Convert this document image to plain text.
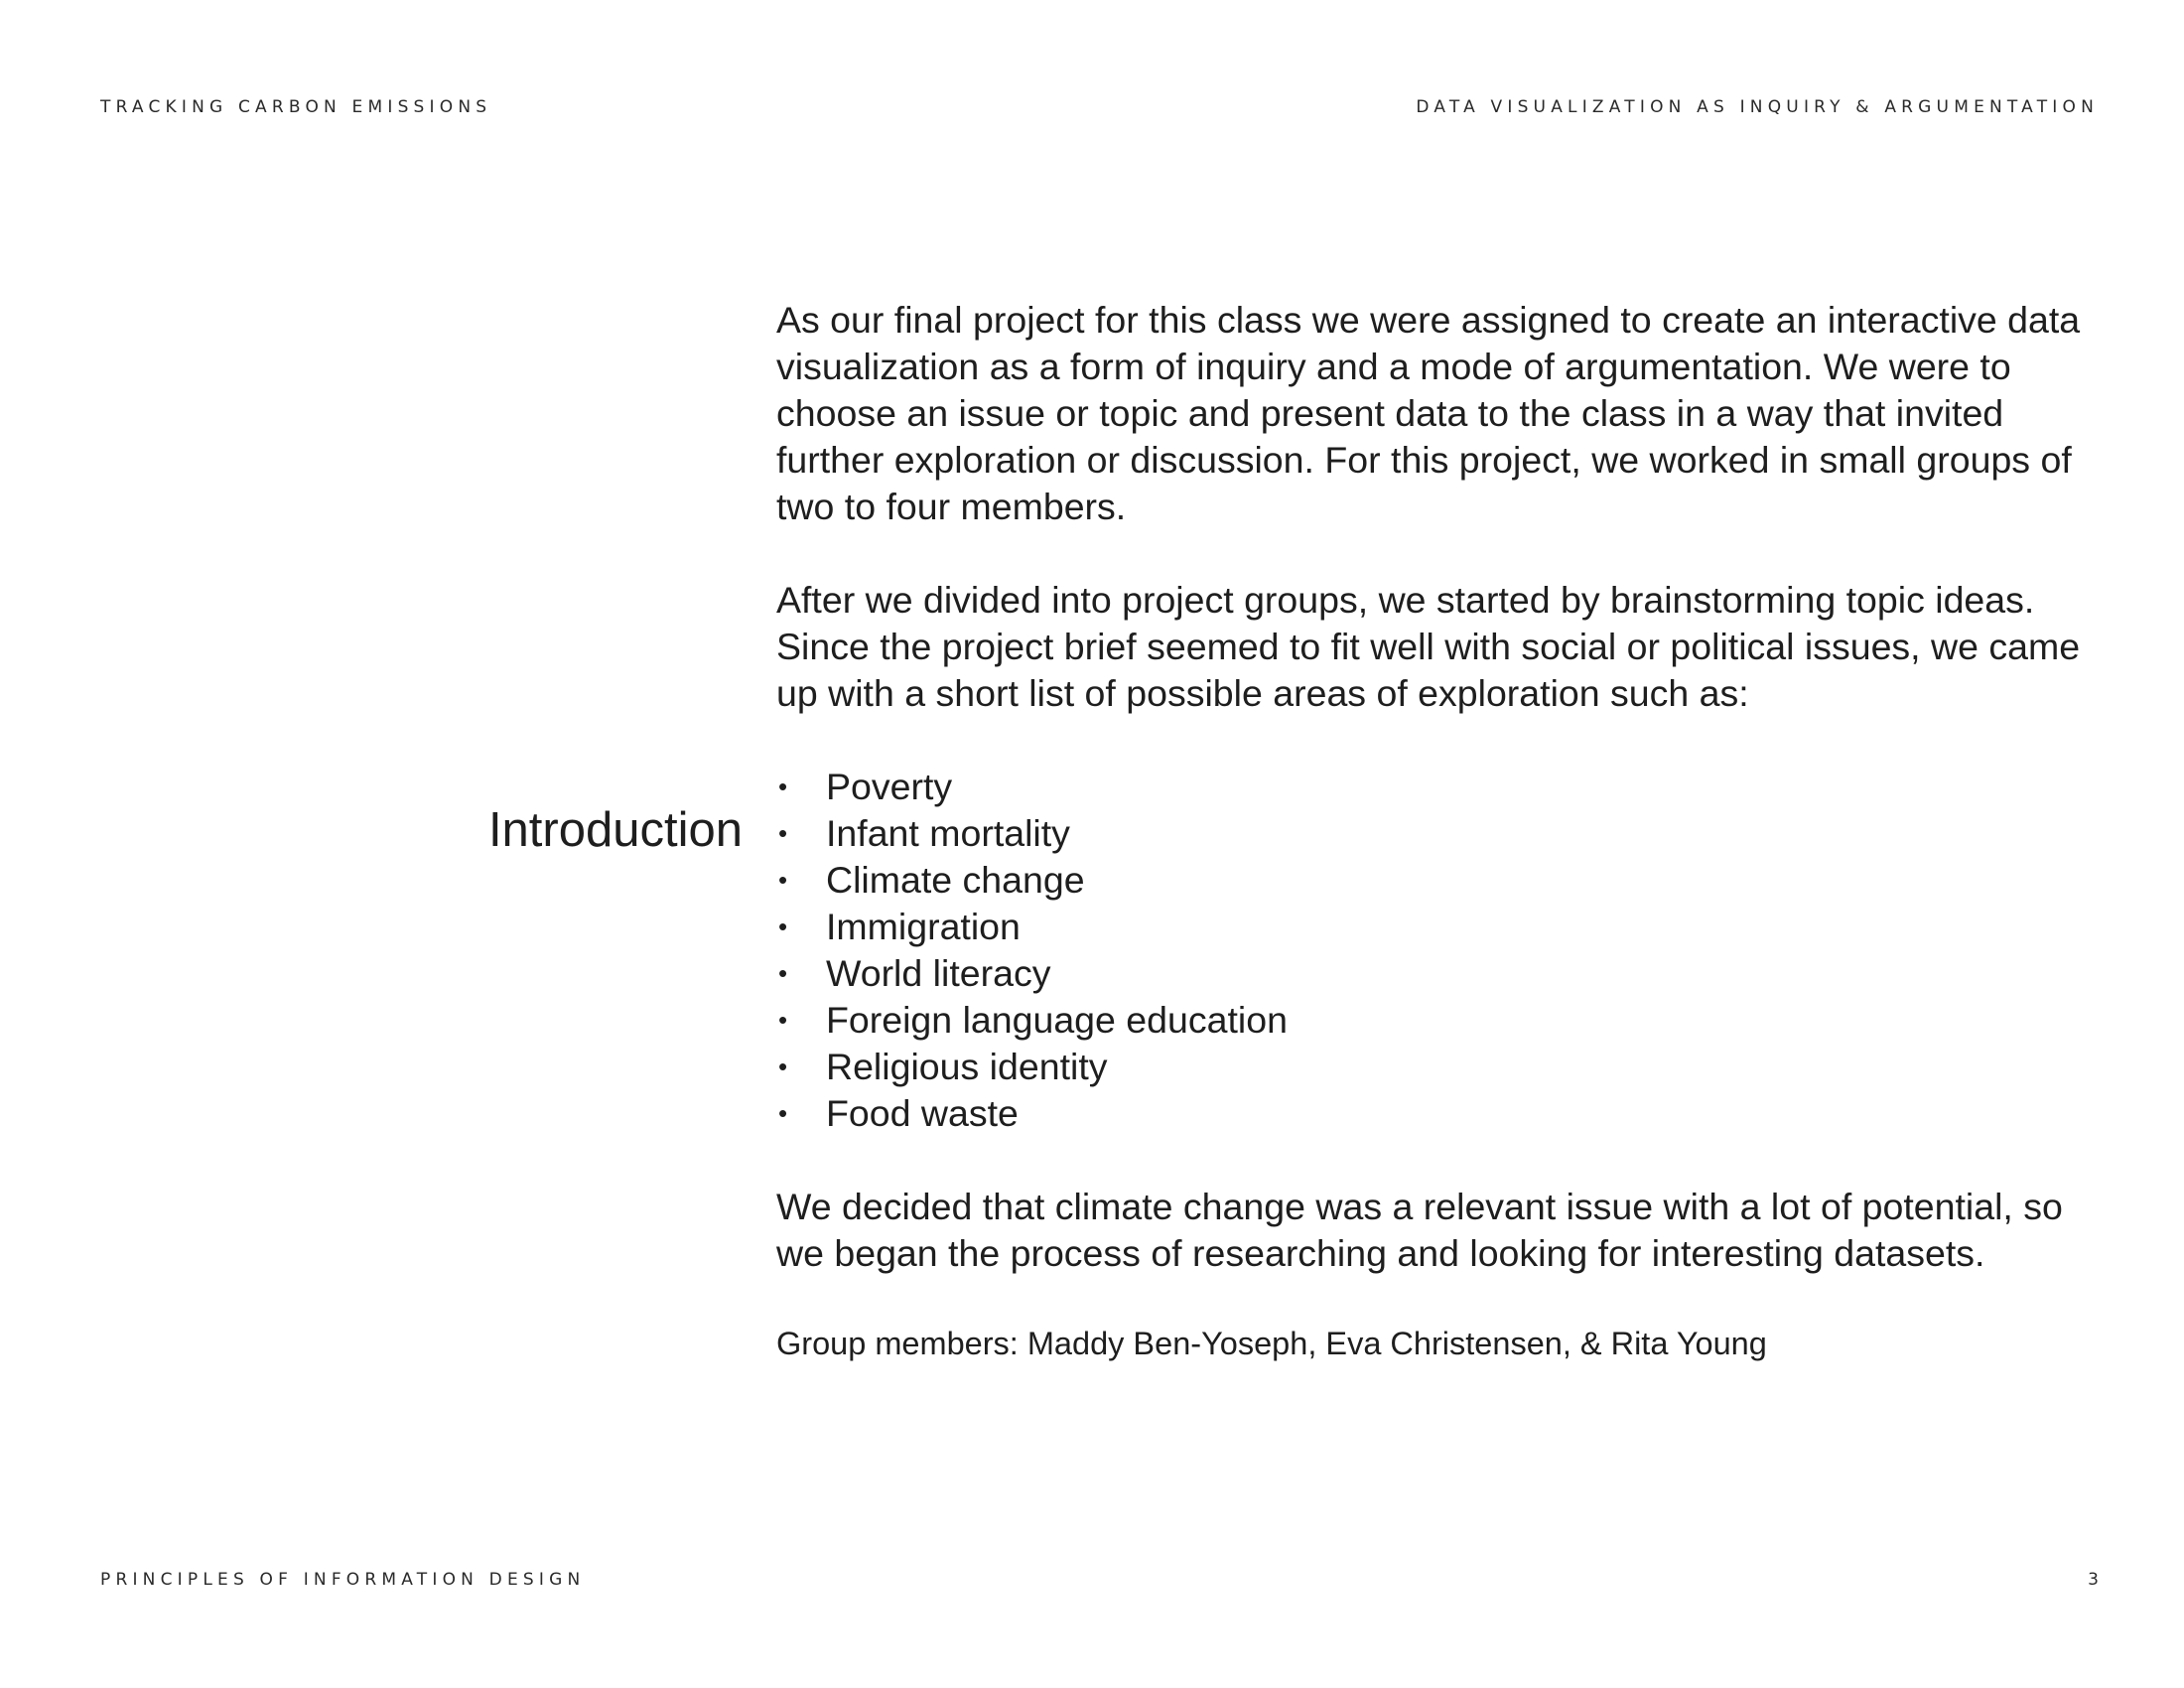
TRACKING CARBON EMISSIONS	DATA VISUALIZATION AS INQUIRY & ARGUMENTATION
Introduction

As our final project for this class we were assigned to create an interactive data visualization as a form of inquiry and a mode of argumentation. We were to choose an issue or topic and present data to the class in a way that invited further exploration or discussion. For this project, we worked in small groups of two to four members.

After we divided into project groups, we started by brainstorming topic ideas. Since the project brief seemed to fit well with social or political issues, we came up with a short list of possible areas of exploration such as:

• Poverty
• Infant mortality
• Climate change
• Immigration
• World literacy
• Foreign language education
• Religious identity
• Food waste

We decided that climate change was a relevant issue with a lot of potential, so we began the process of researching and looking for interesting datasets.

Group members: Maddy Ben-Yoseph, Eva Christensen, & Rita Young

PRINCIPLES OF INFORMATION DESIGN	3
